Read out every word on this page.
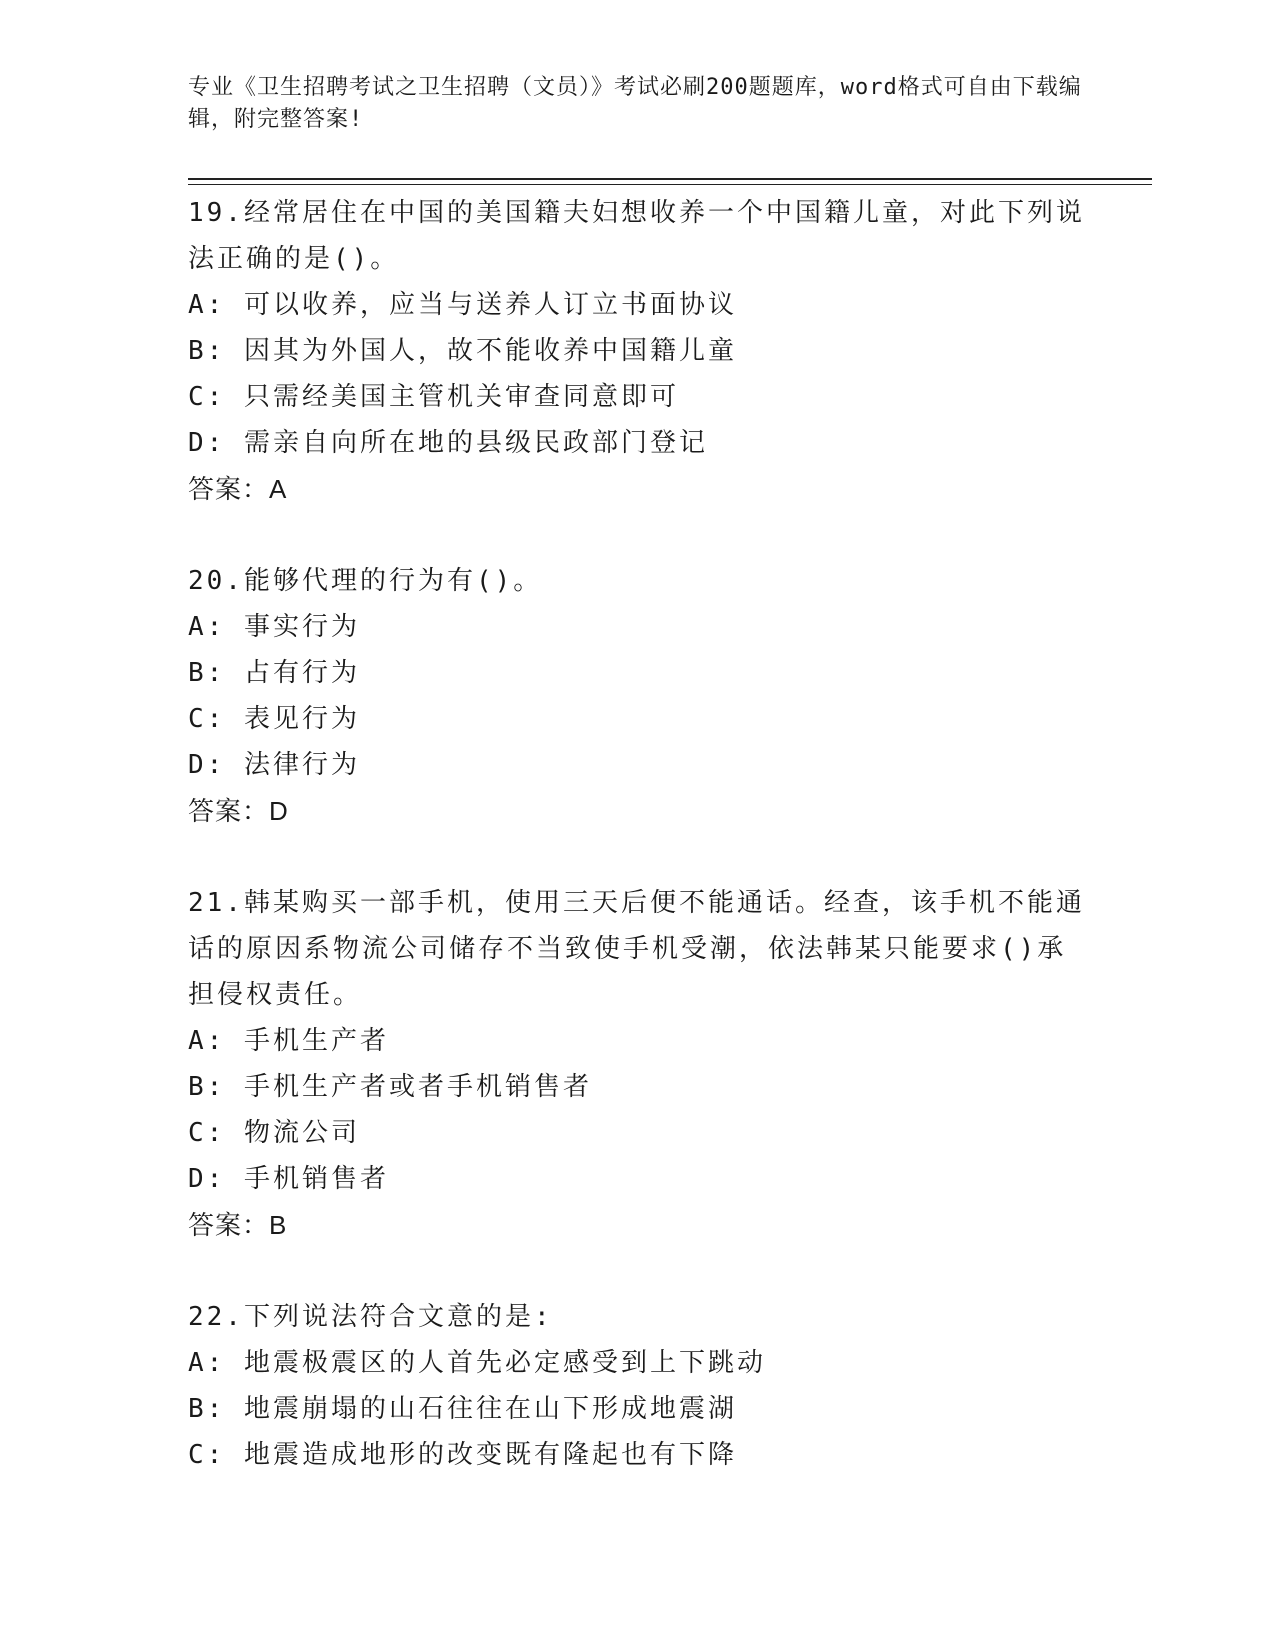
专业《卫生招聘考试之卫生招聘（文员）》考试必刷200题题库，word格式可自由下载编辑，附完整答案!
19.经常居住在中国的美国籍夫妇想收养一个中国籍儿童，对此下列说法正确的是()。
A: 可以收养，应当与送养人订立书面协议
B: 因其为外国人，故不能收养中国籍儿童
C: 只需经美国主管机关审查同意即可
D: 需亲自向所在地的县级民政部门登记
答案：A
20.能够代理的行为有()。
A: 事实行为
B: 占有行为
C: 表见行为
D: 法律行为
答案：D
21.韩某购买一部手机，使用三天后便不能通话。经查，该手机不能通话的原因系物流公司储存不当致使手机受潮，依法韩某只能要求()承担侵权责任。
A: 手机生产者
B: 手机生产者或者手机销售者
C: 物流公司
D: 手机销售者
答案：B
22.下列说法符合文意的是:
A: 地震极震区的人首先必定感受到上下跳动
B: 地震崩塌的山石往往在山下形成地震湖
C: 地震造成地形的改变既有隆起也有下降
